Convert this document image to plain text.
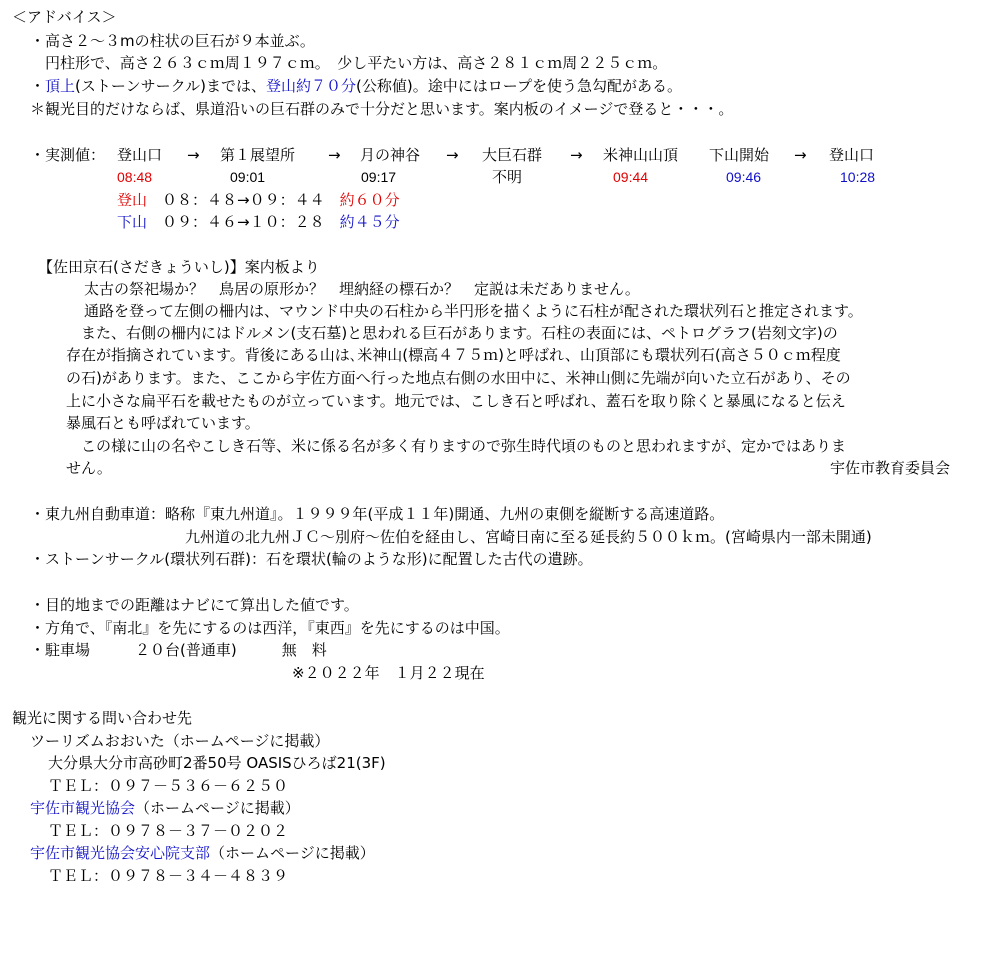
＜アドバイス＞
・高さ２～３mの柱状の巨石が９本並ぶ。
　円柱形で、高さ２６３ｃｍ周１９７ｃｍ。　少し平たい方は、高さ２８１ｃｍ周２２５ｃｍ。
・頂上(ストーンサークル)までは、登山約７０分(公称値)。途中にはロープを使う急勾配がある。
＊観光目的だけならば、県道沿いの巨石群のみで十分だと思います。案内板のイメージで登ると・・・。
・実測値： 登山口 → 第１展望所 → 月の神谷 → 大巨石群 → 米神山山頂 下山開始 → 登山口
08:48	09:01	09:17	不明	09:44	09:46	10:28
登山　０８：４８→０９：４４　約６０分
下山　０９：４６→１０：２８　約４５分
【佐田京石(さだきょういし)】案内板より
太古の祭祀場か？　鳥居の原形か？　埋納経の標石か？　定説は未だありません。
通路を登って左側の柵内は、マウンド中央の石柱から半円形を描くように石柱が配された環状列石と推定されます。
　また、右側の柵内にはドルメン(支石墓)と思われる巨石があります。石柱の表面には、ペトログラフ(岩刻文字)の
存在が指摘されています。背後にある山は､米神山(標高４７５ｍ)と呼ばれ、山頂部にも環状列石(高さ５０ｃｍ程度
の石)があります。また、ここから宇佐方面へ行った地点右側の水田中に、米神山側に先端が向いた立石があり、その
上に小さな扁平石を載せたものが立っています。地元では、こしき石と呼ばれ、蓋石を取り除くと暴風になると伝え
暴風石とも呼ばれています。
　この様に山の名やこしき石等、米に係る名が多く有りますので弥生時代頃のものと思われますが、定かではありま
せん。	宇佐市教育委員会
・東九州自動車道：略称『東九州道』。１９９９年(平成１１年)開通、九州の東側を縦断する高速道路。
九州道の北九州ＪＣ～別府～佐伯を経由し、宮崎日南に至る延長約５００ｋｍ。(宮崎県内一部未開通)
・ストーンサークル(環状列石群)：石を環状(輪のような形)に配置した古代の遺跡。
・目的地までの距離はナビにて算出した値です。
・方角で、『南北』を先にするのは西洋，『東西』を先にするのは中国。
・駐車場　　　２０台(普通車)　　　無　料
※２０２２年　１月２２現在
観光に関する問い合わせ先
ツーリズムおおいた（ホームページに掲載）
大分県大分市高砂町2番50号 OASISひろば21(3F)
ＴＥＬ：０９７－５３６－６２５０
宇佐市観光協会（ホームページに掲載）
ＴＥＬ：０９７８－３７－０２０２
宇佐市観光協会安心院支部（ホームページに掲載）
ＴＥＬ：０９７８－３４－４８３９
